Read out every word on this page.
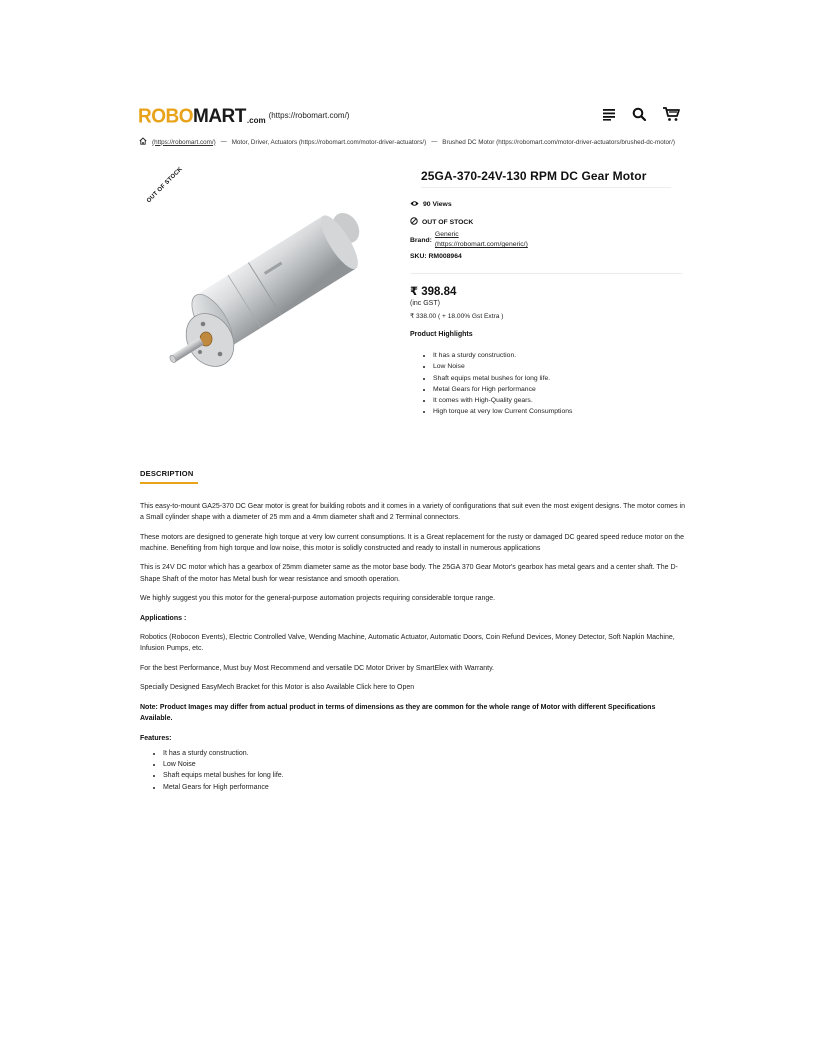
ROBO MART .com
(https://robomart.com/)
(https://robomart.com/) — Motor, Driver, Actuators (https://robomart.com/motor-driver-actuators/) — Brushed DC Motor (https://robomart.com/motor-driver-actuators/brushed-dc-motor/)
OUT OF STOCK	25GA-370-24V-130 RPM DC Gear Motor
90 Views
OUT OF STOCK
Brand:
Generic
(https://robomart.com/generic/)
SKU: RM008964
₹ 398.84
(inc GST)
₹ 338.00 ( + 18.00% Gst Extra )
Product Highlights
• It has a sturdy construction.
• Low Noise
• Shaft equips metal bushes for long life.
• Metal Gears for High performance
• It comes with High-Quality gears.
• High torque at very low Current Consumptions
DESCRIPTION

This easy-to-mount GA25-370 DC Gear motor is great for building robots and it comes in a variety of configurations that suit even the most exigent designs. The motor comes in a Small cylinder shape with a diameter of 25 mm and a 4mm diameter shaft and 2 Terminal connectors.

These motors are designed to generate high torque at very low current consumptions. It is a Great replacement for the rusty or damaged DC geared speed reduce motor on the machine. Benefiting from high torque and low noise, this motor is solidly constructed and ready to install in numerous applications

This is 24V DC motor which has a gearbox of 25mm diameter same as the motor base body. The 25GA 370 Gear Motor's gearbox has metal gears and a center shaft. The D-Shape Shaft of the motor has Metal bush for wear resistance and smooth operation.

We highly suggest you this motor for the general-purpose automation projects requiring considerable torque range.

Applications :

Robotics (Robocon Events), Electric Controlled Valve, Wending Machine, Automatic Actuator, Automatic Doors, Coin Refund Devices, Money Detector, Soft Napkin Machine, Infusion Pumps, etc.

For the best Performance, Must buy Most Recommend and versatile DC Motor Driver by SmartElex with Warranty.

Specially Designed EasyMech Bracket for this Motor is also Available Click here to Open

Note: Product Images may differ from actual product in terms of dimensions as they are common for the whole range of Motor with different Specifications Available.

Features:

• It has a sturdy construction.
• Low Noise
• Shaft equips metal bushes for long life.
• Metal Gears for High performance
